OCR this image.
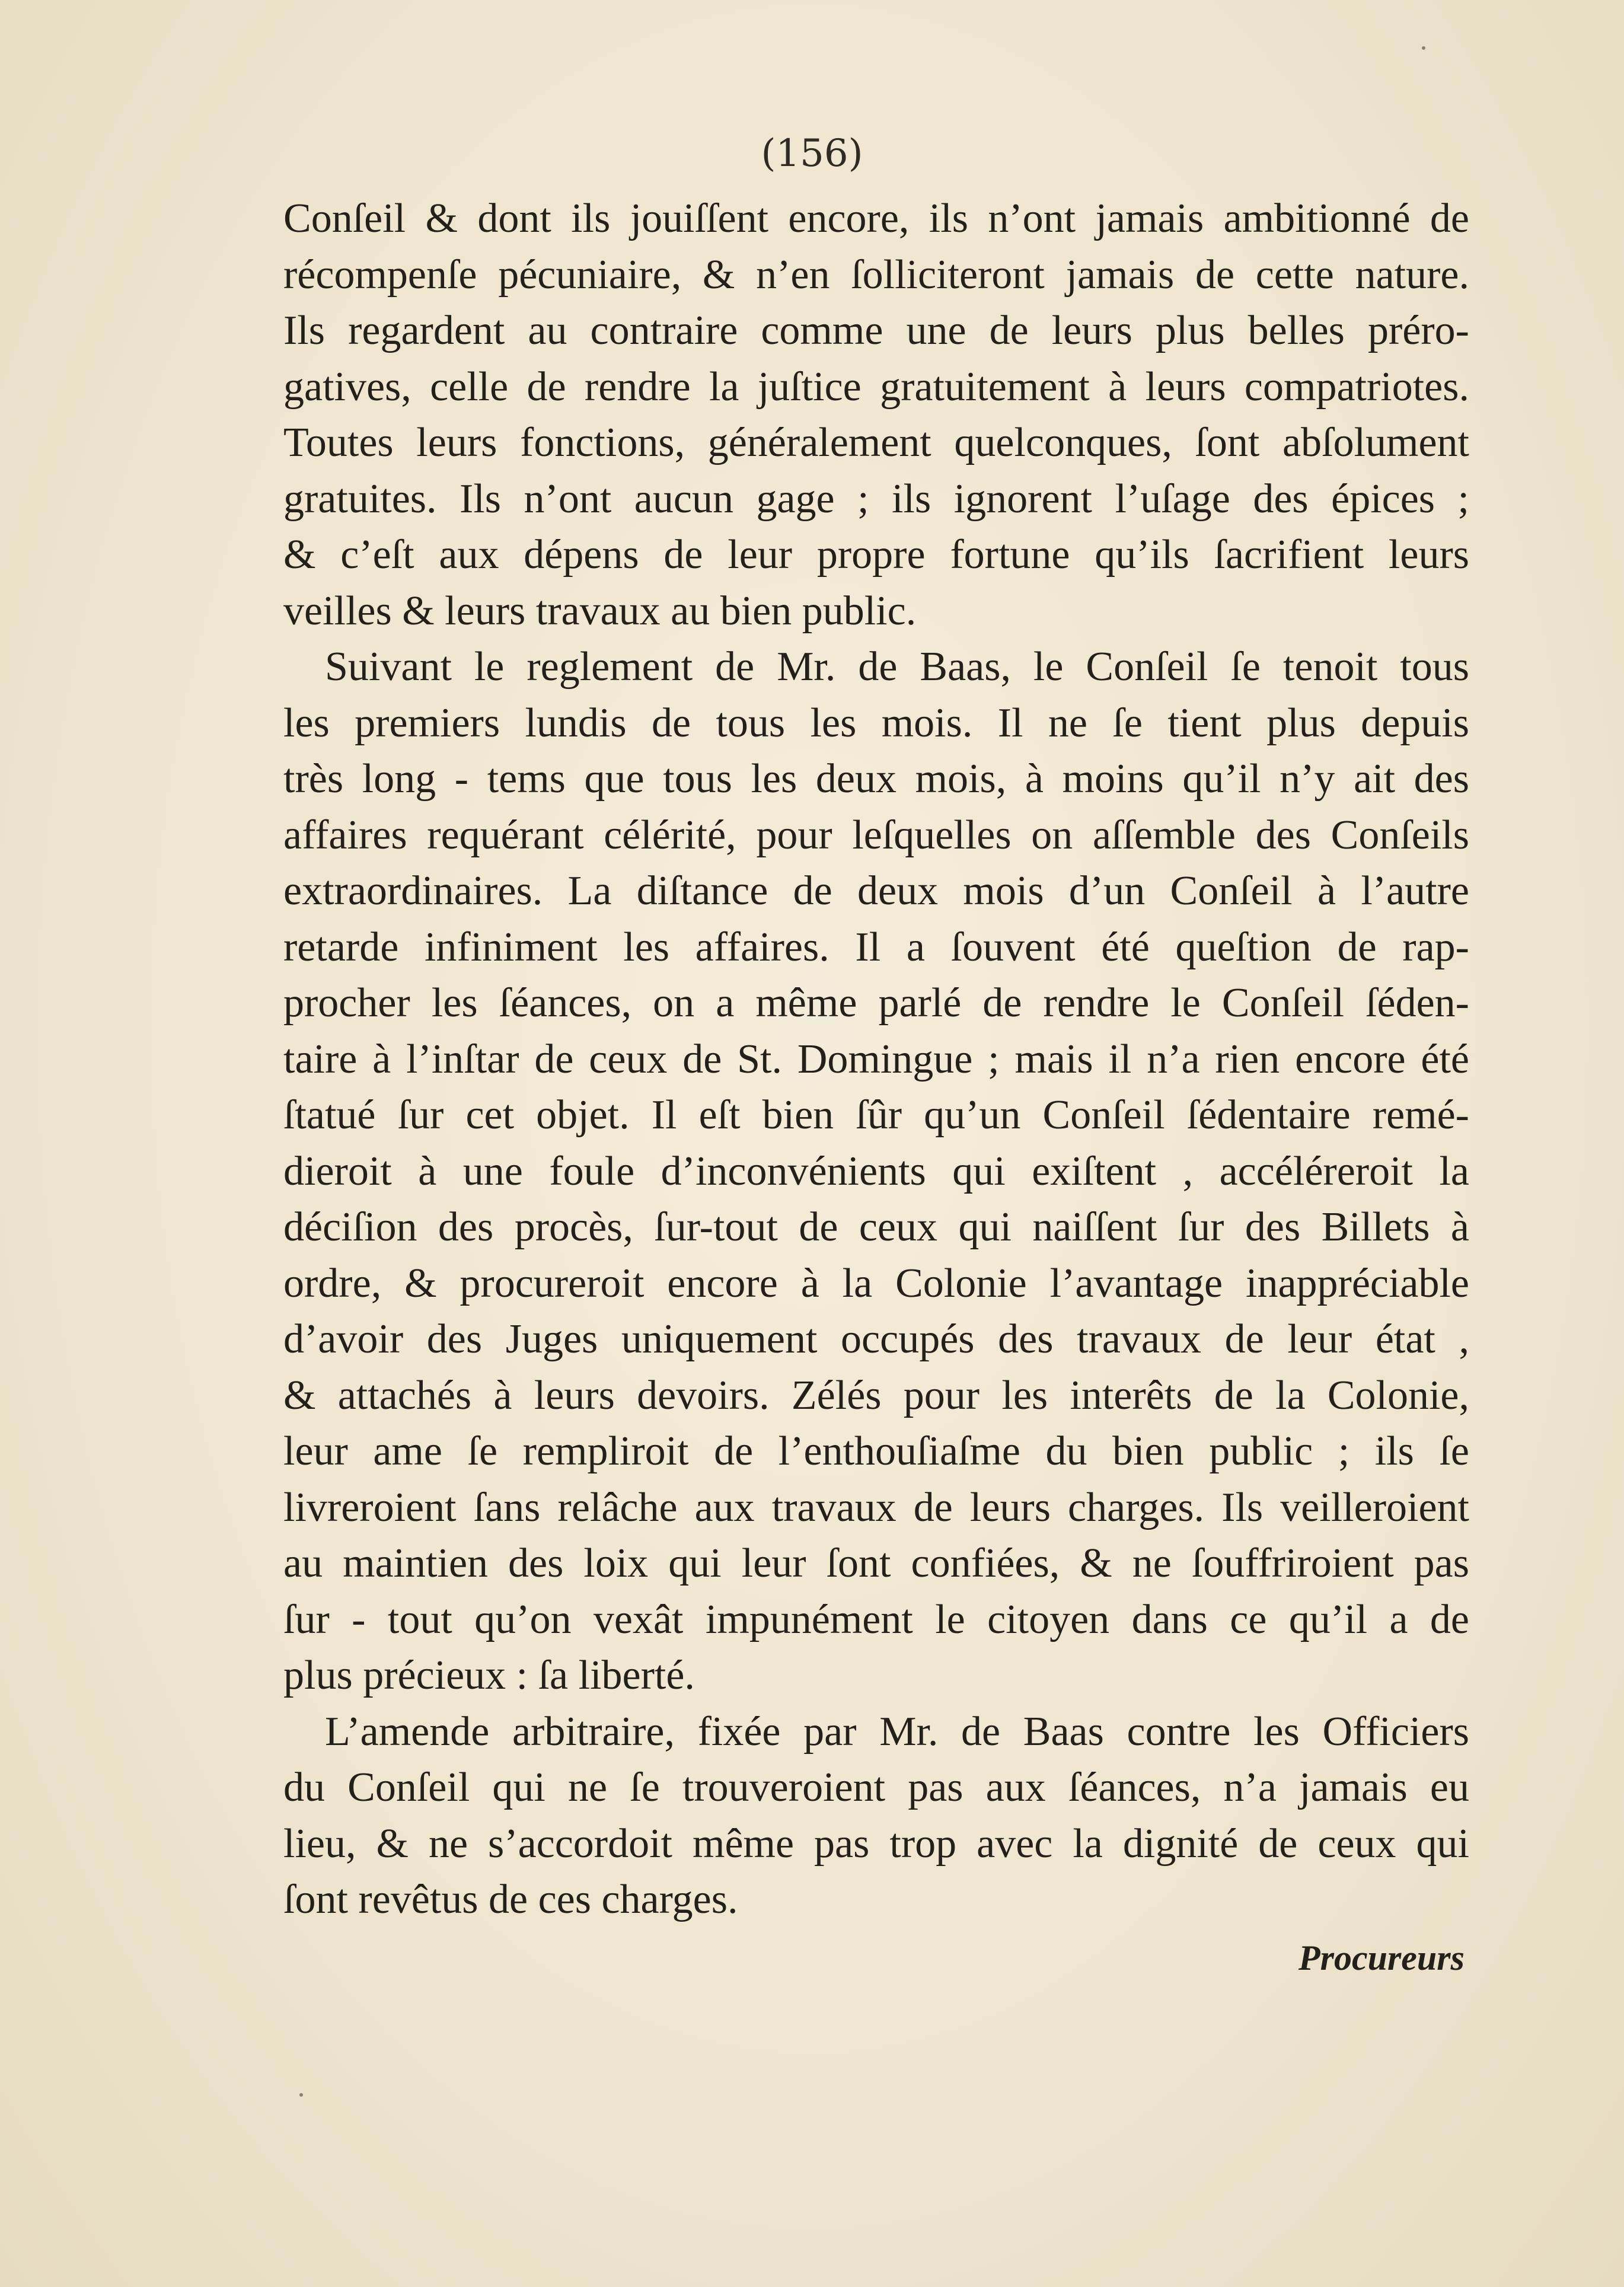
(156)
Conſeil & dont ils jouiſſent encore, ils n’ont jamais ambitionné de
récompenſe pécuniaire, & n’en ſolliciteront jamais de cette nature.
Ils regardent au contraire comme une de leurs plus belles préro-
gatives, celle de rendre la juſtice gratuitement à leurs compatriotes.
Toutes leurs fonctions, généralement quelconques, ſont abſolument
gratuites. Ils n’ont aucun gage ; ils ignorent l’uſage des épices ;
& c’eſt aux dépens de leur propre fortune qu’ils ſacrifient leurs
veilles & leurs travaux au bien public.
Suivant le reglement de Mr. de Baas, le Conſeil ſe tenoit tous
les premiers lundis de tous les mois. Il ne ſe tient plus depuis
très long - tems que tous les deux mois, à moins qu’il n’y ait des
affaires requérant célérité, pour leſquelles on aſſemble des Conſeils
extraordinaires. La diſtance de deux mois d’un Conſeil à l’autre
retarde infiniment les affaires. Il a ſouvent été queſtion de rap-
procher les ſéances, on a même parlé de rendre le Conſeil ſéden-
taire à l’inſtar de ceux de St. Domingue ; mais il n’a rien encore été
ſtatué ſur cet objet. Il eſt bien ſûr qu’un Conſeil ſédentaire remé-
dieroit à une foule d’inconvénients qui exiſtent , accéléreroit la
déciſion des procès, ſur-tout de ceux qui naiſſent ſur des Billets à
ordre, & procureroit encore à la Colonie l’avantage inappréciable
d’avoir des Juges uniquement occupés des travaux de leur état ,
& attachés à leurs devoirs. Zélés pour les interêts de la Colonie,
leur ame ſe rempliroit de l’enthouſiaſme du bien public ; ils ſe
livreroient ſans relâche aux travaux de leurs charges. Ils veilleroient
au maintien des loix qui leur ſont confiées, & ne ſouffriroient pas
ſur - tout qu’on vexât impunément le citoyen dans ce qu’il a de
plus précieux : ſa liberté.
L’amende arbitraire, fixée par Mr. de Baas contre les Officiers
du Conſeil qui ne ſe trouveroient pas aux ſéances, n’a jamais eu
lieu, & ne s’accordoit même pas trop avec la dignité de ceux qui
ſont revêtus de ces charges.
Procureurs
